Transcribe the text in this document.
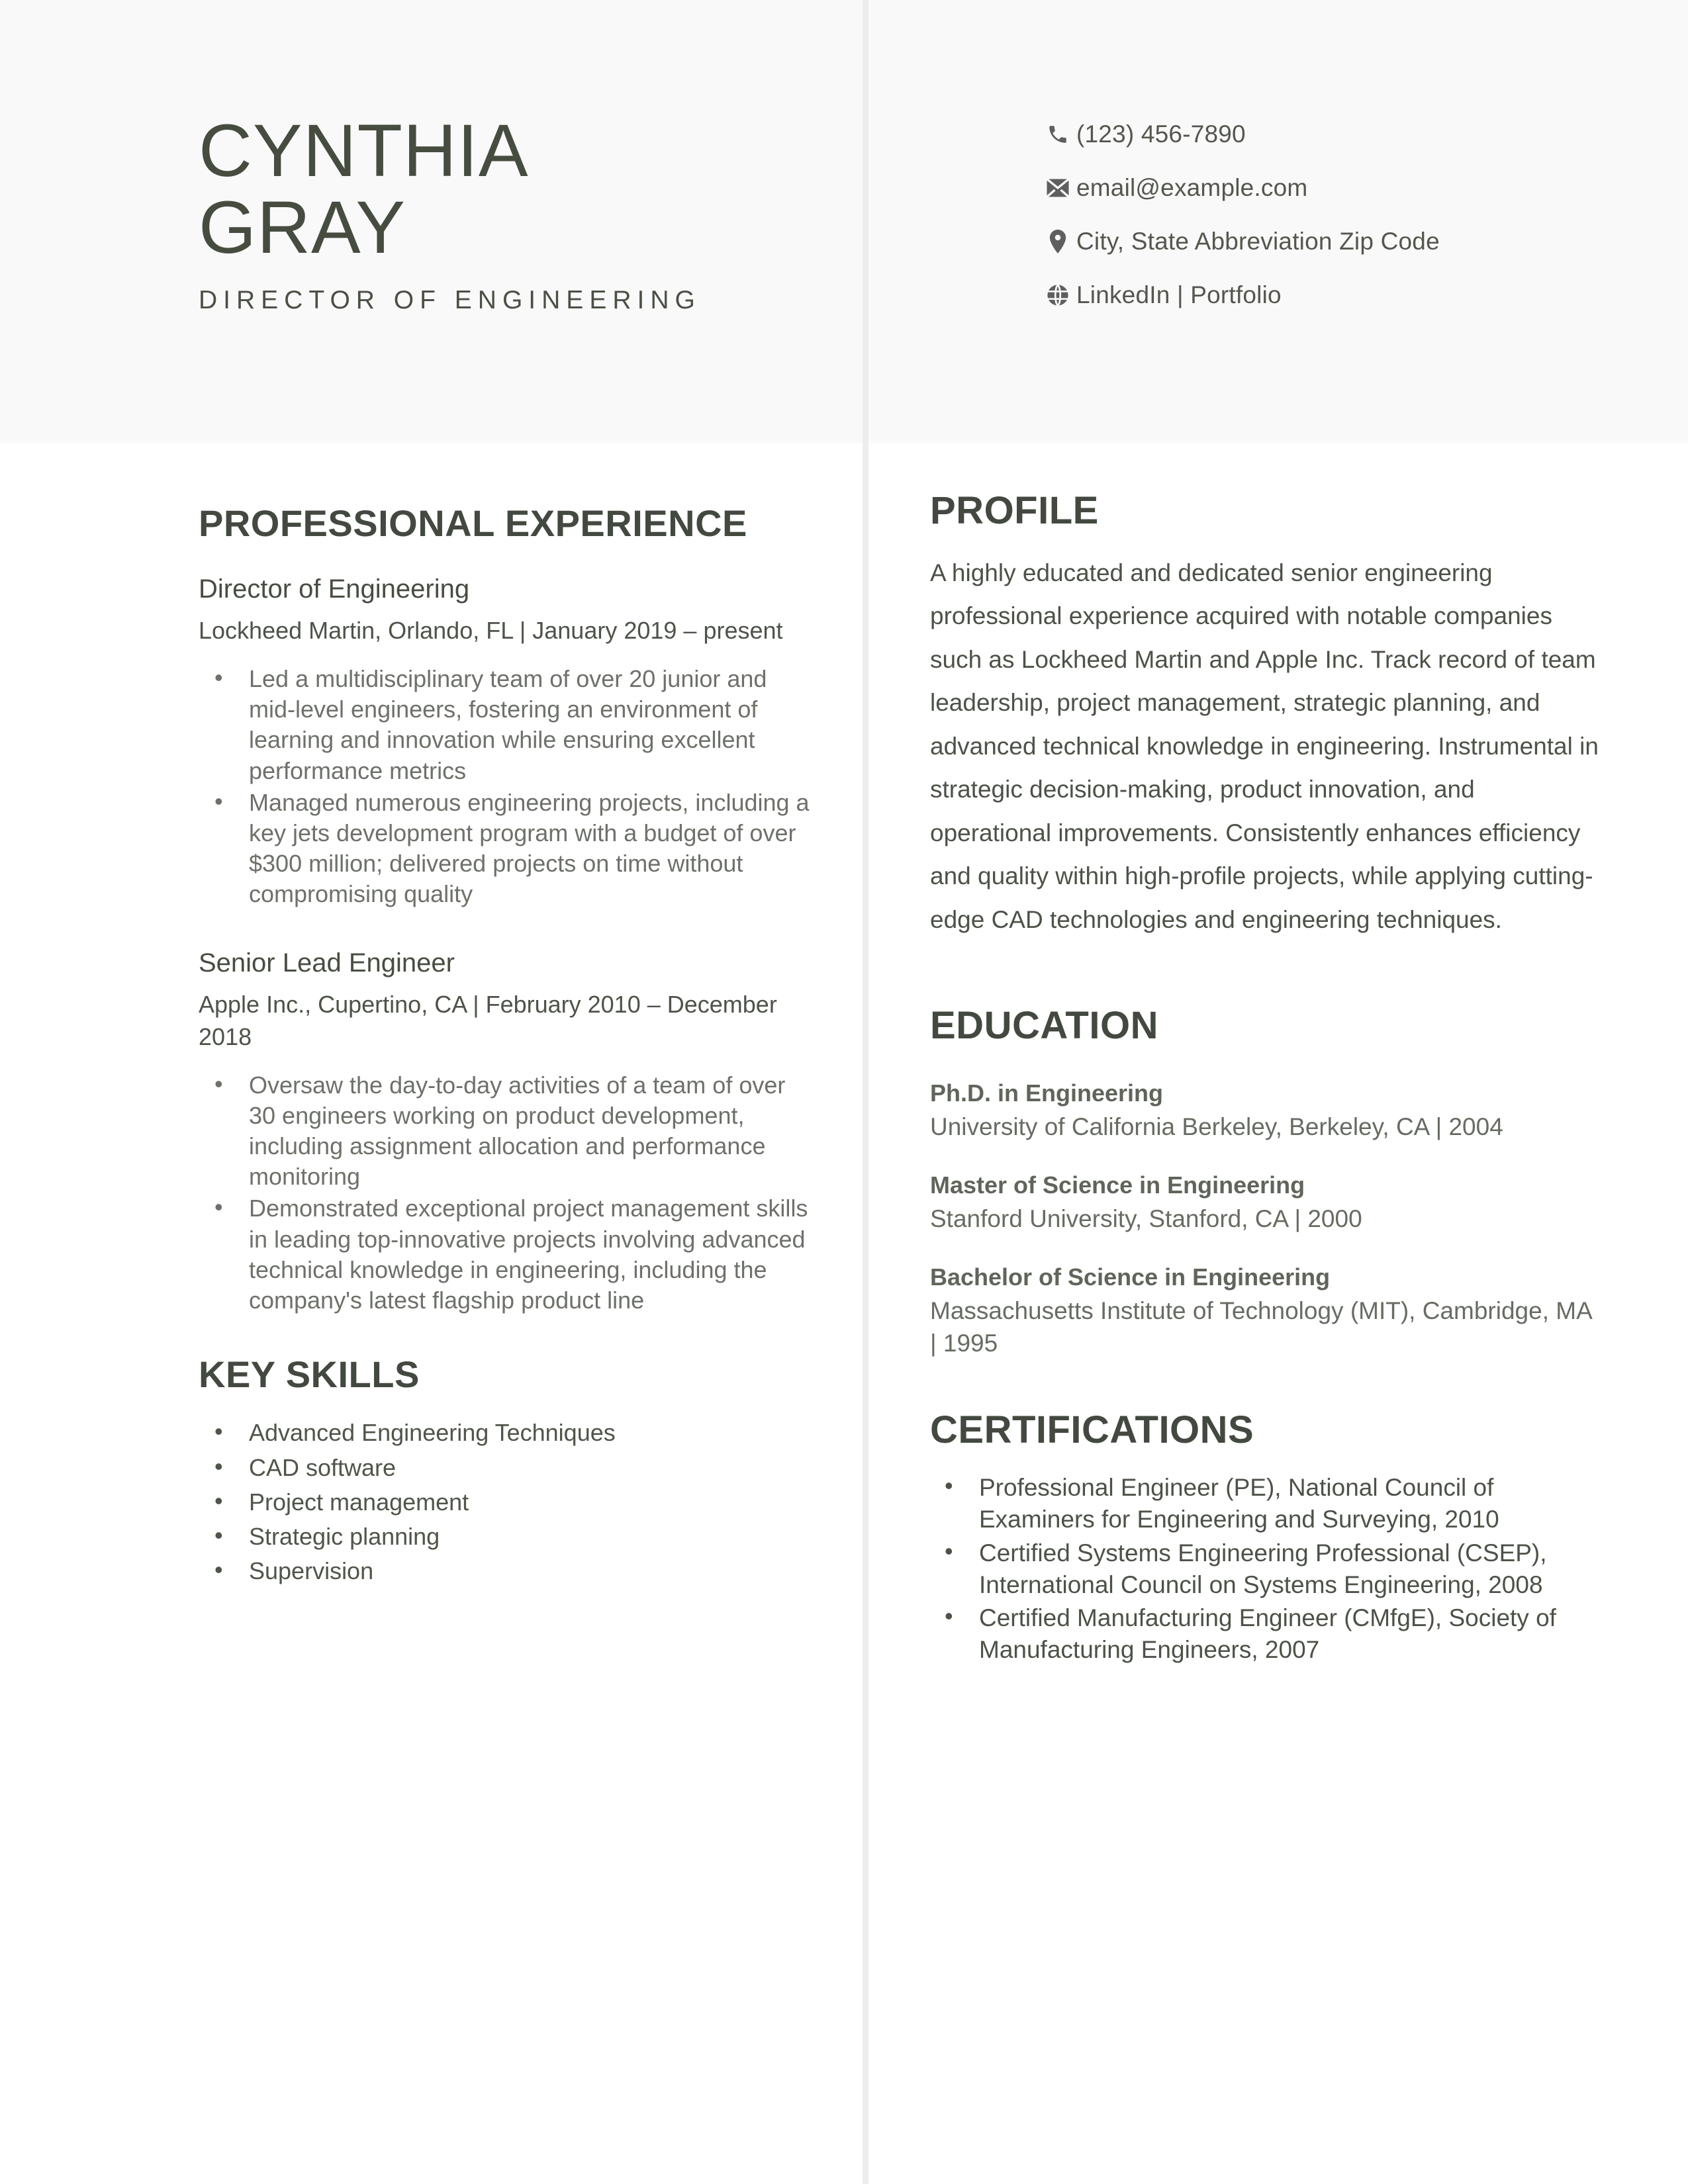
CYNTHIA
GRAY
DIRECTOR OF ENGINEERING
(123) 456-7890
email@example.com
City, State Abbreviation Zip Code
LinkedIn | Portfolio
PROFESSIONAL EXPERIENCE
Director of Engineering
Lockheed Martin, Orlando, FL | January 2019 – present
• Led a multidisciplinary team of over 20 junior and mid-level engineers, fostering an environment of learning and innovation while ensuring excellent performance metrics
• Managed numerous engineering projects, including a key jets development program with a budget of over $300 million; delivered projects on time without compromising quality
Senior Lead Engineer
Apple Inc., Cupertino, CA | February 2010 – December 2018
• Oversaw the day-to-day activities of a team of over 30 engineers working on product development, including assignment allocation and performance monitoring
• Demonstrated exceptional project management skills in leading top-innovative projects involving advanced technical knowledge in engineering, including the company's latest flagship product line
KEY SKILLS
• Advanced Engineering Techniques
• CAD software
• Project management
• Strategic planning
• Supervision
PROFILE
A highly educated and dedicated senior engineering professional experience acquired with notable companies such as Lockheed Martin and Apple Inc. Track record of team leadership, project management, strategic planning, and advanced technical knowledge in engineering. Instrumental in strategic decision-making, product innovation, and operational improvements. Consistently enhances efficiency and quality within high-profile projects, while applying cutting-edge CAD technologies and engineering techniques.
EDUCATION
Ph.D. in Engineering
University of California Berkeley, Berkeley, CA | 2004
Master of Science in Engineering
Stanford University, Stanford, CA | 2000
Bachelor of Science in Engineering
Massachusetts Institute of Technology (MIT), Cambridge, MA | 1995
CERTIFICATIONS
• Professional Engineer (PE), National Council of Examiners for Engineering and Surveying, 2010
• Certified Systems Engineering Professional (CSEP), International Council on Systems Engineering, 2008
• Certified Manufacturing Engineer (CMfgE), Society of Manufacturing Engineers, 2007
